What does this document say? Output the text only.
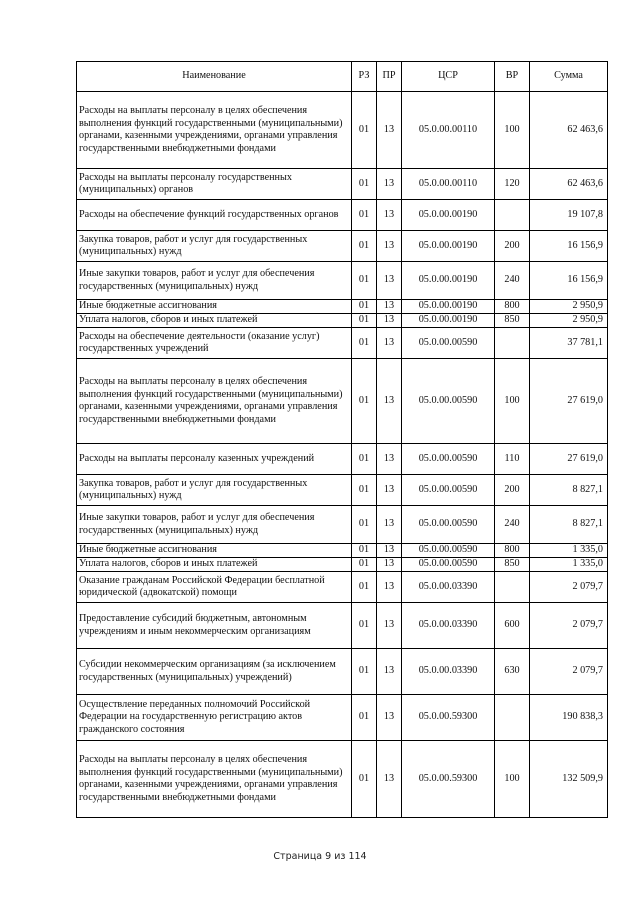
Наименование	РЗ	ПР	ЦСР	ВР	Сумма
Расходы на выплаты персоналу в целях обеспечения выполнения функций государственными (муниципальными) органами, казенными учреждениями, органами управления государственными внебюджетными фондами	01	13	05.0.00.00110	100	62 463,6
Расходы на выплаты персоналу государственных (муниципальных) органов	01	13	05.0.00.00110	120	62 463,6
Расходы на обеспечение функций государственных органов	01	13	05.0.00.00190		19 107,8
Закупка товаров, работ и услуг для государственных (муниципальных) нужд	01	13	05.0.00.00190	200	16 156,9
Иные закупки товаров, работ и услуг для обеспечения государственных (муниципальных) нужд	01	13	05.0.00.00190	240	16 156,9
Иные бюджетные ассигнования	01	13	05.0.00.00190	800	2 950,9
Уплата налогов, сборов и иных платежей	01	13	05.0.00.00190	850	2 950,9
Расходы на обеспечение деятельности (оказание услуг) государственных учреждений	01	13	05.0.00.00590		37 781,1
Расходы на выплаты персоналу в целях обеспечения выполнения функций государственными (муниципальными) органами, казенными учреждениями, органами управления государственными внебюджетными фондами	01	13	05.0.00.00590	100	27 619,0
Расходы на выплаты персоналу казенных учреждений	01	13	05.0.00.00590	110	27 619,0
Закупка товаров, работ и услуг для государственных (муниципальных) нужд	01	13	05.0.00.00590	200	8 827,1
Иные закупки товаров, работ и услуг для обеспечения государственных (муниципальных) нужд	01	13	05.0.00.00590	240	8 827,1
Иные бюджетные ассигнования	01	13	05.0.00.00590	800	1 335,0
Уплата налогов, сборов и иных платежей	01	13	05.0.00.00590	850	1 335,0
Оказание гражданам Российской Федерации бесплатной юридической (адвокатской) помощи	01	13	05.0.00.03390		2 079,7
Предоставление субсидий бюджетным, автономным учреждениям и иным некоммерческим организациям	01	13	05.0.00.03390	600	2 079,7
Субсидии некоммерческим организациям (за исключением государственных (муниципальных) учреждений)	01	13	05.0.00.03390	630	2 079,7
Осуществление переданных полномочий Российской Федерации на государственную регистрацию актов гражданского состояния	01	13	05.0.00.59300		190 838,3
Расходы на выплаты персоналу в целях обеспечения выполнения функций государственными (муниципальными) органами, казенными учреждениями, органами управления государственными внебюджетными фондами	01	13	05.0.00.59300	100	132 509,9
Страница 9 из 114
